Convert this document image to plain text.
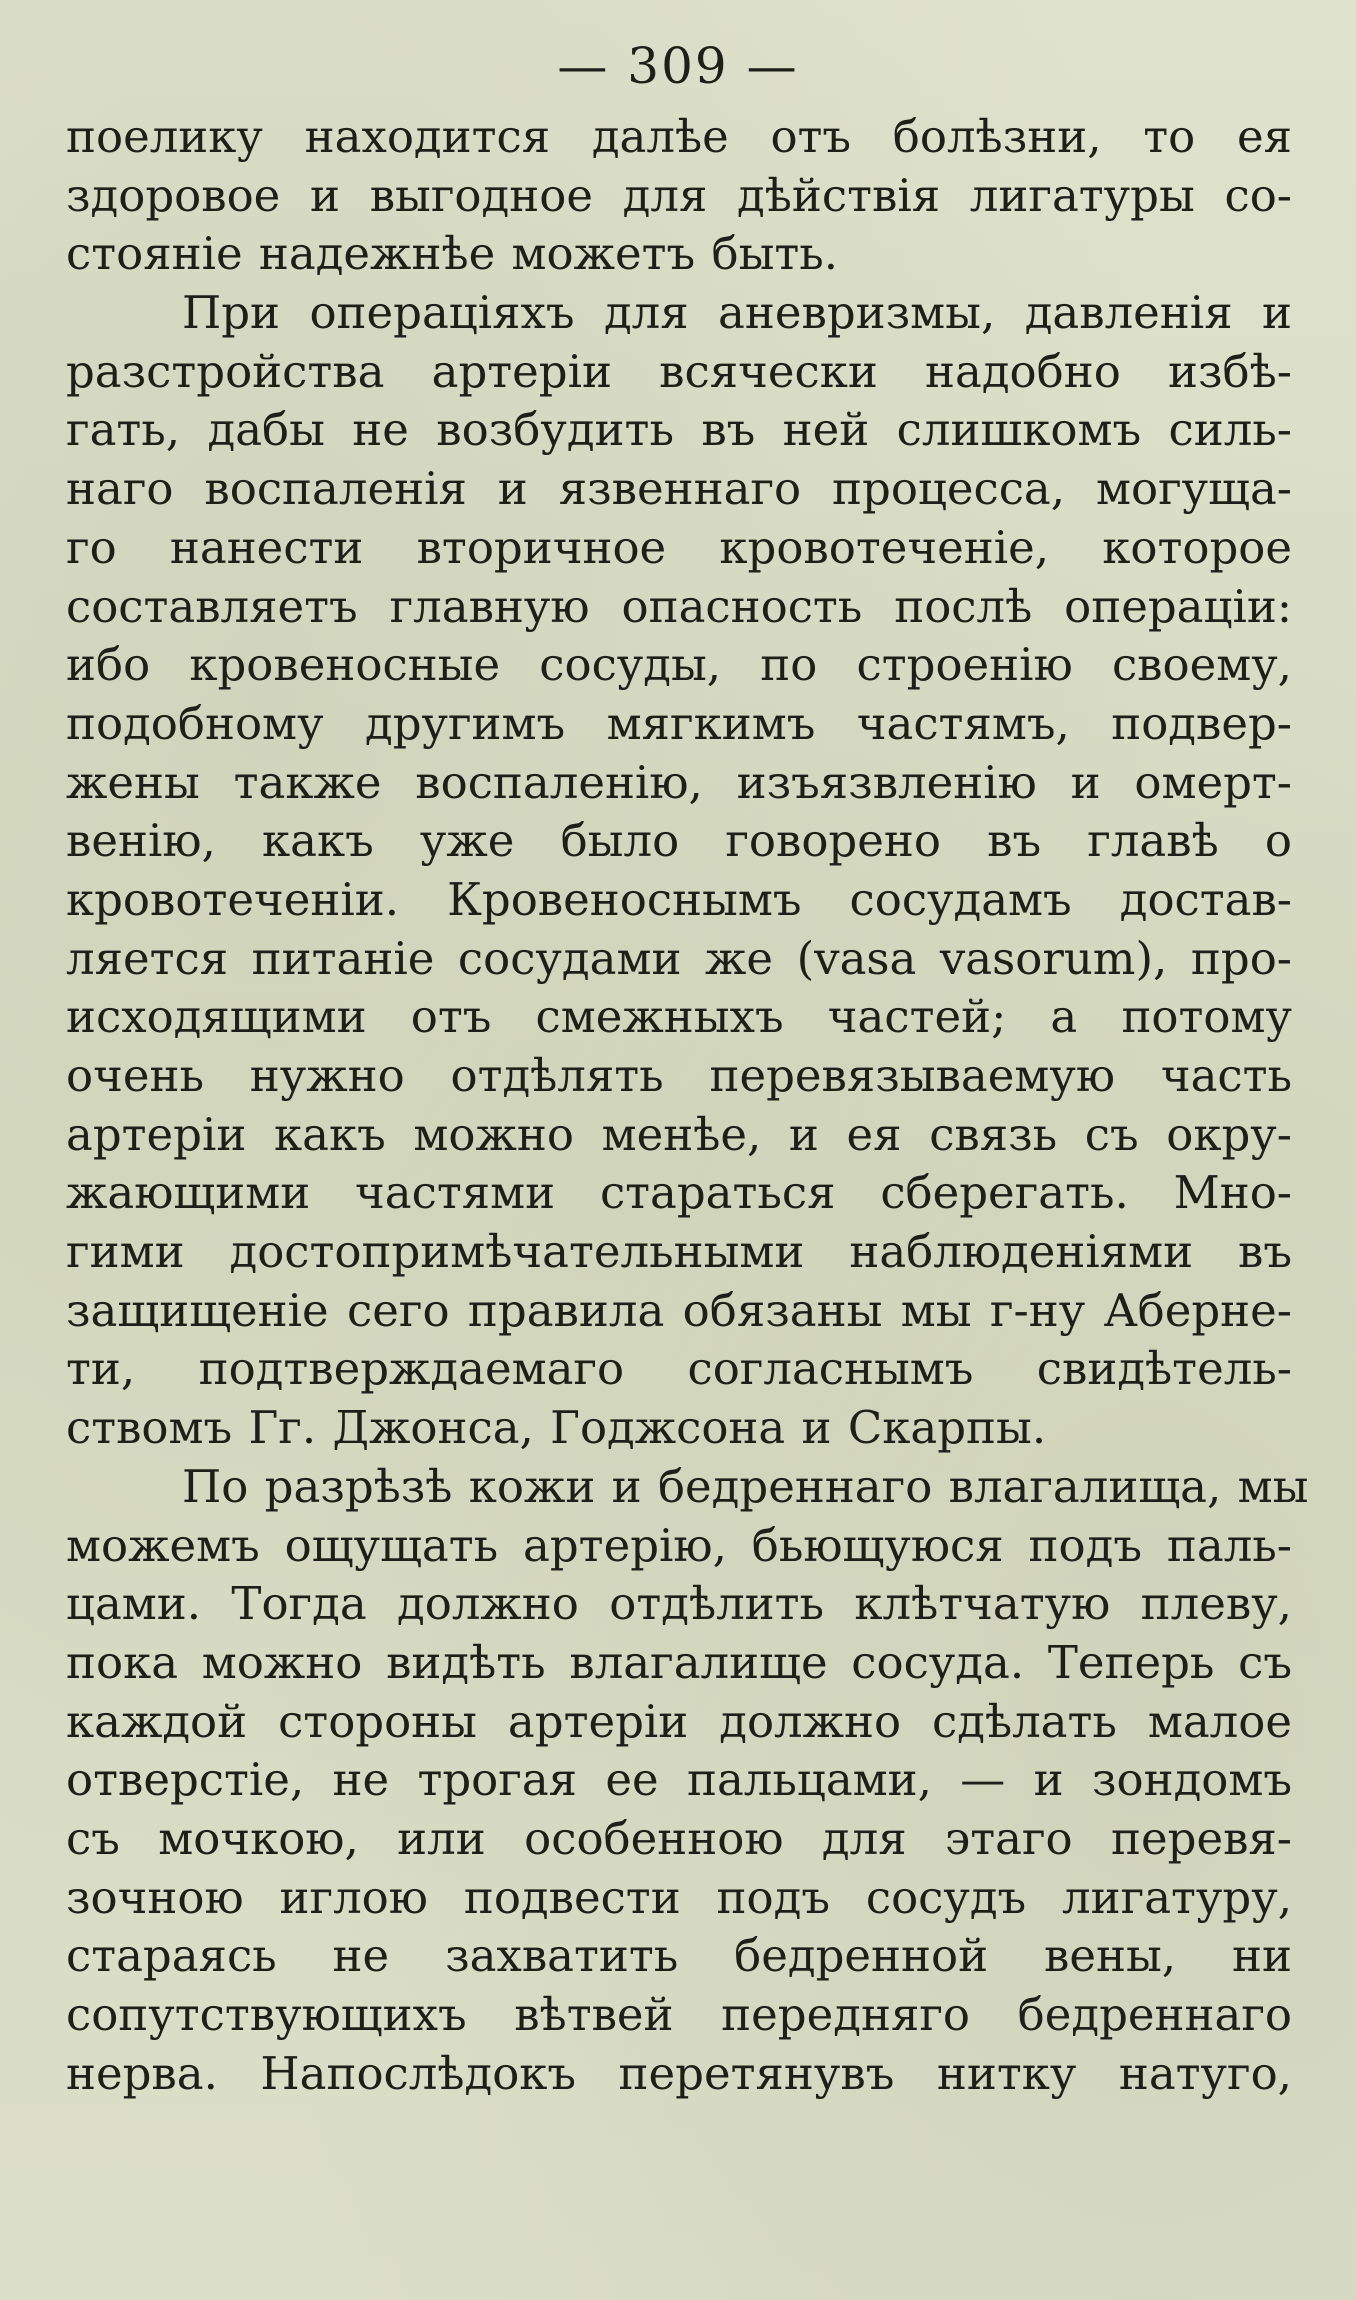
— 309 —
поелику находится далѣе отъ болѣзни, то ея
здоровое и выгодное для дѣйствія лигатуры со-
стояніе надежнѣе можетъ быть.
При операціяхъ для аневризмы, давленія и
разстройства артеріи всячески надобно избѣ-
гать, дабы не возбудить въ ней слишкомъ силь-
наго воспаленія и язвеннаго процесса, могуща-
го нанести вторичное кровотеченіе, которое
составляетъ главную опасность послѣ операціи:
ибо кровеносные сосуды, по строенію своему,
подобному другимъ мягкимъ частямъ, подвер-
жены также воспаленію, изъязвленію и омерт-
венію, какъ уже было говорено въ главѣ о
кровотеченіи. Кровеноснымъ сосудамъ достав-
ляется питаніе сосудами же (vasa vasorum), про-
исходящими отъ смежныхъ частей; а потому
очень нужно отдѣлять перевязываемую часть
артеріи какъ можно менѣе, и ея связь съ окру-
жающими частями стараться сберегать. Мно-
гими достопримѣчательными наблюденіями въ
защищеніе сего правила обязаны мы г-ну Аберне-
ти, подтверждаемаго согласнымъ свидѣтель-
ствомъ Гг. Джонса, Годжсона и Скарпы.
По разрѣзѣ кожи и бедреннаго влагалища, мы
можемъ ощущать артерію, бьющуюся подъ паль-
цами. Тогда должно отдѣлить клѣтчатую плеву,
пока можно видѣть влагалище сосуда. Теперь съ
каждой стороны артеріи должно сдѣлать малое
отверстіе, не трогая ее пальцами, — и зондомъ
съ мочкою, или особенною для этаго перевя-
зочною иглою подвести подъ сосудъ лигатуру,
стараясь не захватить бедренной вены, ни
сопутствующихъ вѣтвей передняго бедреннаго
нерва. Напослѣдокъ перетянувъ нитку натуго,
